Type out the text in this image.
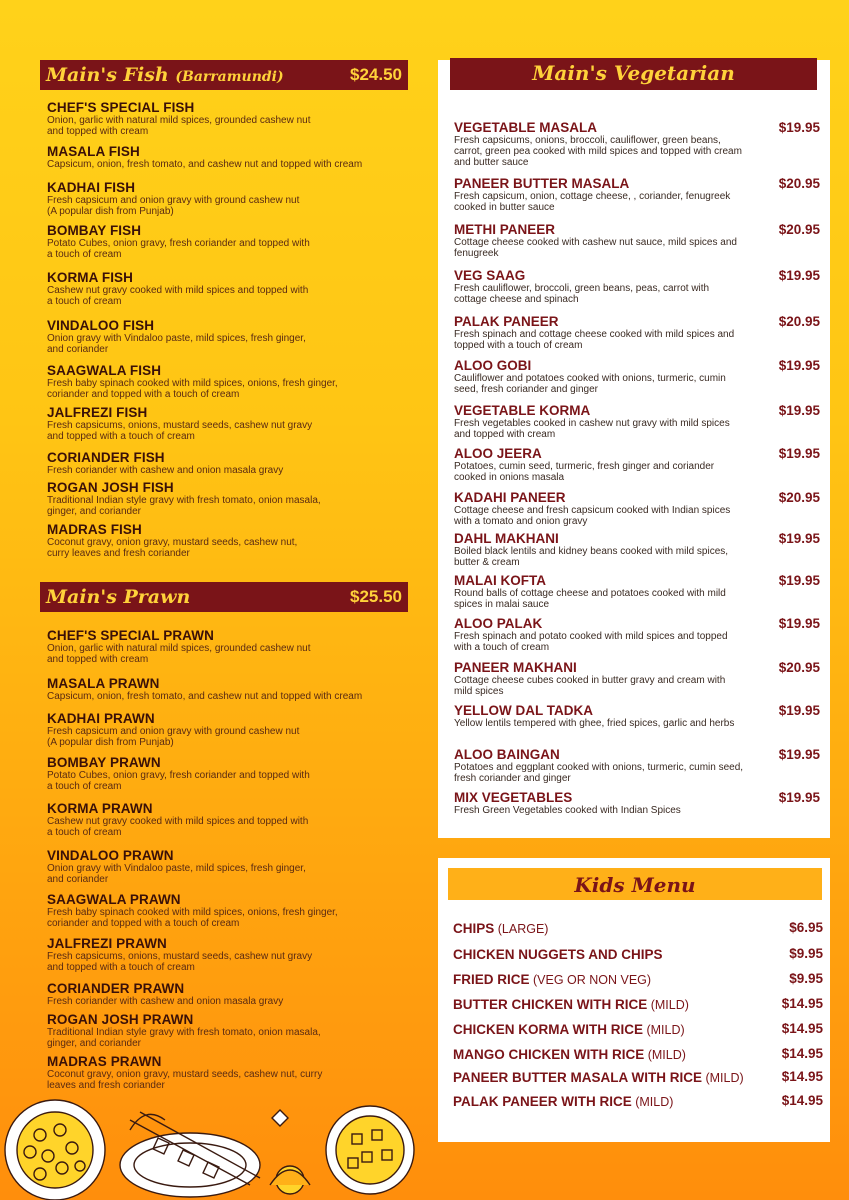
Main's Fish (Barramundi)	$24.50
CHEF'S SPECIAL FISH
Onion, garlic with natural mild spices, grounded cashew nut
and topped with cream
MASALA FISH
Capsicum, onion, fresh tomato, and cashew nut and topped with cream
KADHAI FISH
Fresh capsicum and onion gravy with ground cashew nut
(A popular dish from Punjab)
BOMBAY FISH
Potato Cubes, onion gravy, fresh coriander and topped with
a touch of cream
KORMA FISH
Cashew nut gravy cooked with mild spices and topped with
a touch of cream
VINDALOO FISH
Onion gravy with Vindaloo paste, mild spices, fresh ginger,
and coriander
SAAGWALA FISH
Fresh baby spinach cooked with mild spices, onions, fresh ginger,
coriander and topped with a touch of cream
JALFREZI FISH
Fresh capsicums, onions, mustard seeds, cashew nut gravy
and topped with a touch of cream
CORIANDER FISH
Fresh coriander with cashew and onion masala gravy
ROGAN JOSH FISH
Traditional Indian style gravy with fresh tomato, onion masala,
ginger, and coriander
MADRAS FISH
Coconut gravy, onion gravy, mustard seeds, cashew nut,
curry leaves and fresh coriander
Main's Prawn	$25.50
CHEF'S SPECIAL PRAWN
Onion, garlic with natural mild spices, grounded cashew nut
and topped with cream
MASALA PRAWN
Capsicum, onion, fresh tomato, and cashew nut and topped with cream
KADHAI PRAWN
Fresh capsicum and onion gravy with ground cashew nut
(A popular dish from Punjab)
BOMBAY PRAWN
Potato Cubes, onion gravy, fresh coriander and topped with
a touch of cream
KORMA PRAWN
Cashew nut gravy cooked with mild spices and topped with
a touch of cream
VINDALOO PRAWN
Onion gravy with Vindaloo paste, mild spices, fresh ginger,
and coriander
SAAGWALA PRAWN
Fresh baby spinach cooked with mild spices, onions, fresh ginger,
coriander and topped with a touch of cream
JALFREZI PRAWN
Fresh capsicums, onions, mustard seeds, cashew nut gravy
and topped with a touch of cream
CORIANDER PRAWN
Fresh coriander with cashew and onion masala gravy
ROGAN JOSH PRAWN
Traditional Indian style gravy with fresh tomato, onion masala,
ginger, and coriander
MADRAS PRAWN
Coconut gravy, onion gravy, mustard seeds, cashew nut, curry
leaves and fresh coriander
Main's Vegetarian
VEGETABLE MASALA	$19.95
Fresh capsicums, onions, broccoli, cauliflower, green beans, carrot, green pea cooked with mild spices and topped with cream and butter sauce
PANEER BUTTER MASALA	$20.95
Fresh capsicum, onion, cottage cheese, , coriander, fenugreek cooked in butter sauce
METHI PANEER	$20.95
Cottage cheese cooked with cashew nut sauce, mild spices and fenugreek
VEG SAAG	$19.95
Fresh cauliflower, broccoli, green beans, peas, carrot with cottage cheese and spinach
PALAK PANEER	$20.95
Fresh spinach and cottage cheese cooked with mild spices and topped with a touch of cream
ALOO GOBI	$19.95
Cauliflower and potatoes cooked with onions, turmeric, cumin seed, fresh coriander and ginger
VEGETABLE KORMA	$19.95
Fresh vegetables cooked in cashew nut gravy with mild spices and topped with cream
ALOO JEERA	$19.95
Potatoes, cumin seed, turmeric, fresh ginger and coriander cooked in onions masala
KADAHI PANEER	$20.95
Cottage cheese and fresh capsicum cooked with Indian spices with a tomato and onion gravy
DAHL MAKHANI	$19.95
Boiled black lentils and kidney beans cooked with mild spices, butter & cream
MALAI KOFTA	$19.95
Round balls of cottage cheese and potatoes cooked with mild spices in malai sauce
ALOO PALAK	$19.95
Fresh spinach and potato cooked with mild spices and topped with a touch of cream
PANEER MAKHANI	$20.95
Cottage cheese cubes cooked in butter gravy and cream with mild spices
YELLOW DAL TADKA	$19.95
Yellow lentils tempered with ghee, fried spices, garlic and herbs
ALOO BAINGAN	$19.95
Potatoes and eggplant cooked with onions, turmeric, cumin seed, fresh coriander and ginger
MIX VEGETABLES	$19.95
Fresh Green Vegetables cooked with Indian Spices
Kids Menu
CHIPS (LARGE)	$6.95
CHICKEN NUGGETS AND CHIPS	$9.95
FRIED RICE (VEG OR NON VEG)	$9.95
BUTTER CHICKEN WITH RICE (MILD)	$14.95
CHICKEN KORMA WITH RICE (MILD)	$14.95
MANGO CHICKEN WITH RICE (MILD)	$14.95
PANEER BUTTER MASALA WITH RICE (MILD)	$14.95
PALAK PANEER WITH RICE (MILD)	$14.95
